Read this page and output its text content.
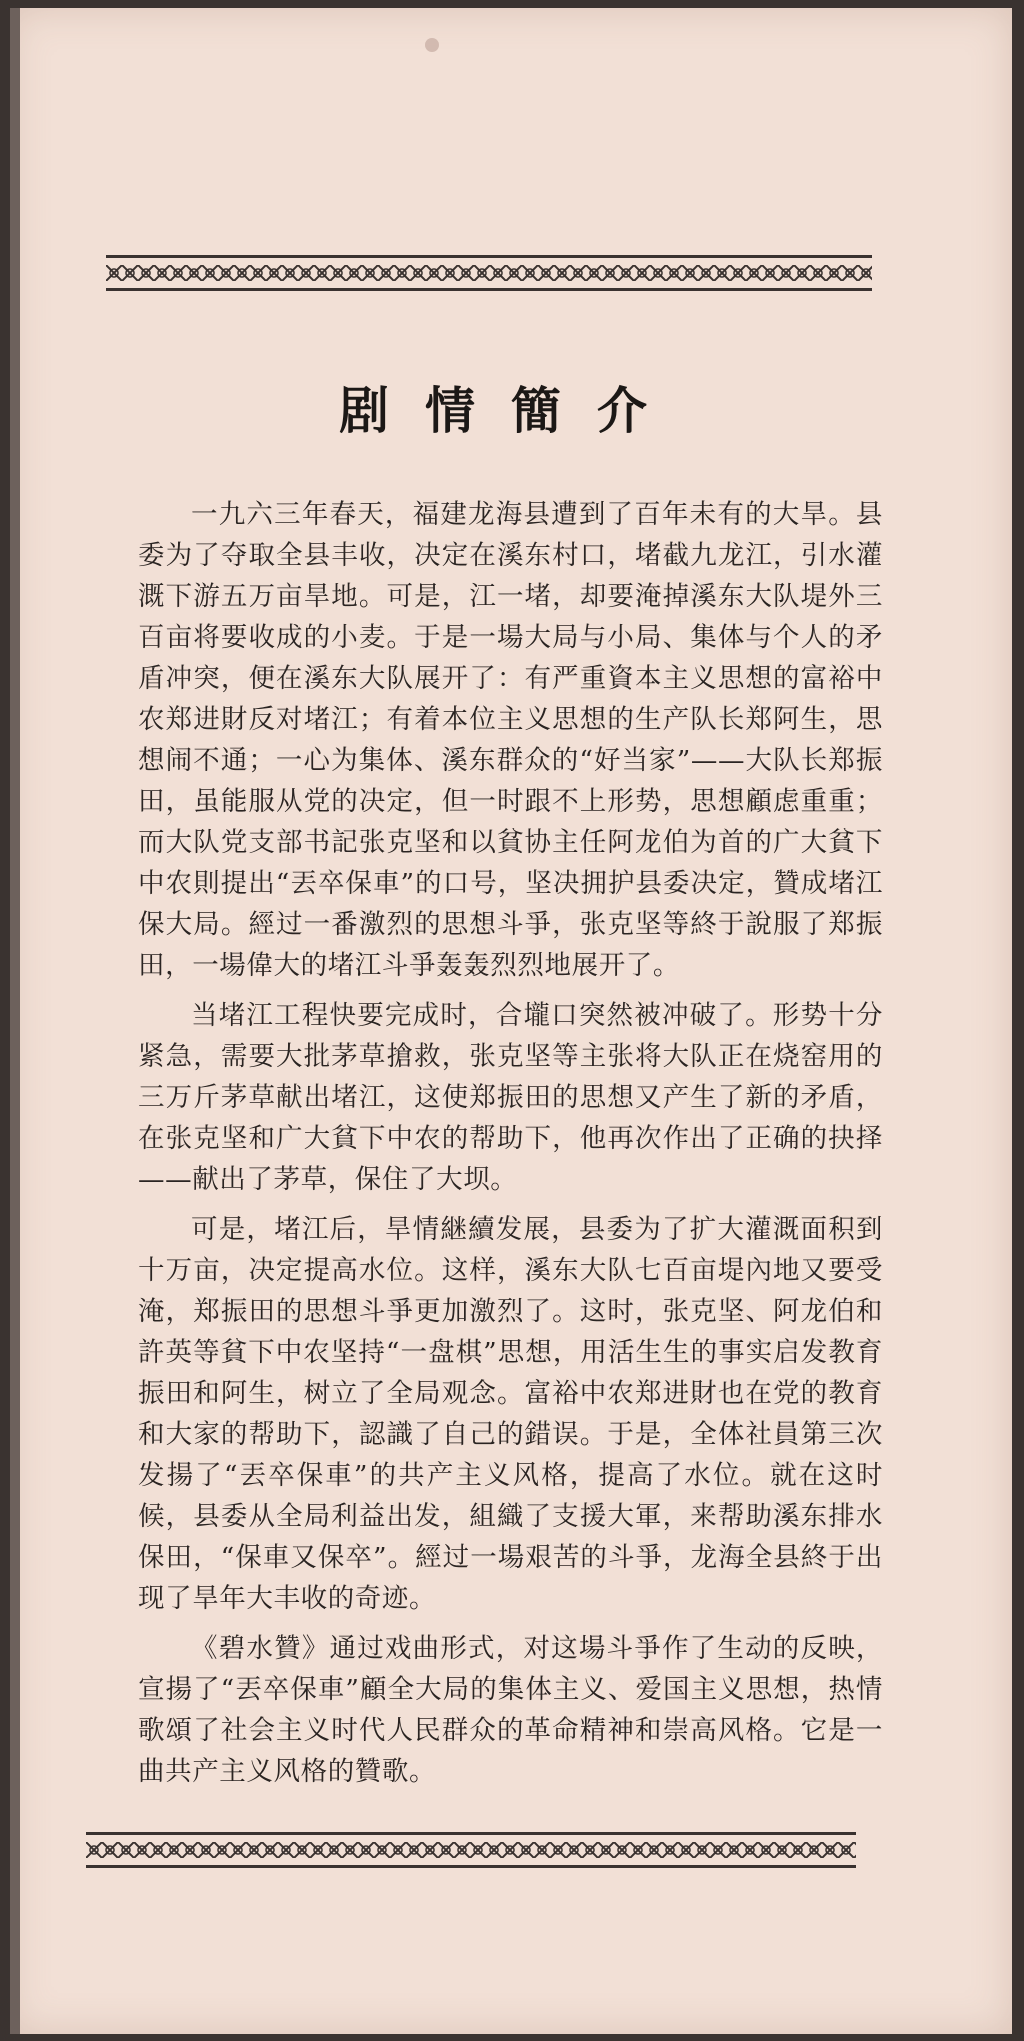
剧情簡介

一九六三年春天，福建龙海县遭到了百年未有的大旱。县委为了夺取全县丰收，决定在溪东村口，堵截九龙江，引水灌溉下游五万亩旱地。可是，江一堵，却要淹掉溪东大队堤外三百亩将要收成的小麦。于是一場大局与小局、集体与个人的矛盾冲突，便在溪东大队展开了：有严重資本主义思想的富裕中农郑进財反对堵江；有着本位主义思想的生产队长郑阿生，思想闹不通；一心为集体、溪东群众的“好当家”——大队长郑振田，虽能服从党的决定，但一时跟不上形势，思想顧虑重重；而大队党支部书記张克坚和以貧协主任阿龙伯为首的广大貧下中农則提出“丟卒保車”的口号，坚决拥护县委决定，贊成堵江保大局。經过一番激烈的思想斗爭，张克坚等終于說服了郑振田，一場偉大的堵江斗爭轰轰烈烈地展开了。

当堵江工程快要完成时，合壠口突然被冲破了。形势十分紧急，需要大批茅草搶救，张克坚等主张将大队正在烧窑用的三万斤茅草献出堵江，这使郑振田的思想又产生了新的矛盾，在张克坚和广大貧下中农的帮助下，他再次作出了正确的抉择——献出了茅草，保住了大坝。

可是，堵江后，旱情継續发展，县委为了扩大灌溉面积到十万亩，决定提高水位。这样，溪东大队七百亩堤內地又要受淹，郑振田的思想斗爭更加激烈了。这时，张克坚、阿龙伯和許英等貧下中农坚持“一盘棋”思想，用活生生的事实启发教育振田和阿生，树立了全局观念。富裕中农郑进財也在党的教育和大家的帮助下，認識了自己的錯误。于是，全体社員第三次发揚了“丟卒保車”的共产主义风格，提高了水位。就在这时候，县委从全局利益出发，組織了支援大軍，来帮助溪东排水保田，“保車又保卒”。經过一場艰苦的斗爭，龙海全县終于出现了旱年大丰收的奇迹。

《碧水贊》通过戏曲形式，对这場斗爭作了生动的反映，宣揚了“丟卒保車”顧全大局的集体主义、爱国主义思想，热情歌頌了社会主义时代人民群众的革命精神和崇高风格。它是一曲共产主义风格的贊歌。
